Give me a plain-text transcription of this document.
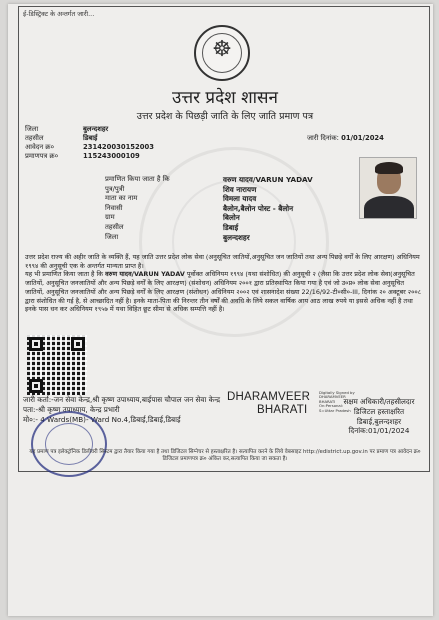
ई-डिस्ट्रिक्ट के अन्तर्गत जारी...
☸
उत्तर प्रदेश शासन
उत्तर प्रदेश के पिछड़ी जाति के लिए जाति प्रमाण पत्र
जिला	बुलन्दशहर
तहसील	डिबाई
आवेदन क्र०	231420030152003
प्रमाणपत्र क्र०	115243000109
जारी दिनांक: 01/01/2024
प्रमाणित किया जाता है कि	वरुण यादव/VARUN YADAV
पुत्र/पुत्री	शिव नारायण
माता का नाम	विमला यादव
निवासी	बैलोन,बैलोन पोस्ट - बैलोन
ग्राम	बिलोन
तहसील	डिबाई
जिला	बुलन्दशहर
उत्तर प्रदेश राज्य की अहीर जाति के व्यक्ति हैं, यह जाति उत्तर प्रदेश लोक सेवा (अनुसूचित जातियों,अनुसूचित जन जातियों तथा अन्य पिछड़े वर्गों के लिए आरक्षण) अधिनियम १९९४ की अनुसूची एक के अन्तर्गत मान्यता प्राप्त है।
यह भी प्रमाणित किया जाता है कि वरुण यादव/VARUN YADAV पूर्वोक्त अधिनियम १९९४ (यथा संशोधित) की अनुसूची २ (जैसा कि उत्तर प्रदेश लोक सेवा(अनुसूचित जातियों, अनुसूचित जनजातियों और अन्य पिछड़े वर्गों के लिए आरक्षण) (संशोधन) अधिनियम २००१ द्वारा प्रतिस्थापित किया गया है एवं जो उ०प्र० लोक सेवा अनुसूचित जातियों, अनुसूचित जनजातियों और अन्य पिछड़े वर्गों के लिए आरक्षण (संशोधन) अधिनियम २००२ एवं शासनादेश संख्या 22/16/92-टी०सी०-III, दिनांक २० अक्टूबर २००८ द्वारा संशोधित की गई है, से आच्छादित नहीं है। इनके माता-पिता की निरन्तर तीन वर्षों की अवधि के लिये सकल वार्षिक आय आठ लाख रुपये या इससे अधिक नहीं है तथा इनके पास धन कर अधिनियम १९५७ में यथा विहित छूट सीमा से अधिक सम्पत्ति नहीं है।
जारी कर्ता:-जन सेवा केन्द्र,श्री कृष्ण उपाध्याय,बाईपास चौपाल जन सेवा केन्द्र
पता:-श्री कृष्ण उपाध्याय, केन्द्र प्रभारी
मो०:- 4 Wards(MB)- Ward No.4,डिबाई,डिबाई,डिबाई
DHARAMVEER
BHARATI
Digitally Signed by DHARAMVEER BHARATI On:Personal: S=Uttar Pradesh
सक्षम अधिकारी/तहसीलदार
डिजिटल हस्ताक्षरित
डिबाई,बुलन्दशहर
दिनांक:01/01/2024
यह प्रमाण पत्र इलेक्ट्रॉनिक डिलीवरी सिस्टम द्वारा तैयार किया गया है तथा डिजिटल सिग्नेचर से हस्ताक्षरित है। सत्यापित करने के लिये वेबसाइट http://edistrict.up.gov.in पर प्रमाण पत्र आवेदन क्र० डिजिटल प्रमाणपत्र क्र० अंकित कर,सत्यापित किया जा सकता है।
